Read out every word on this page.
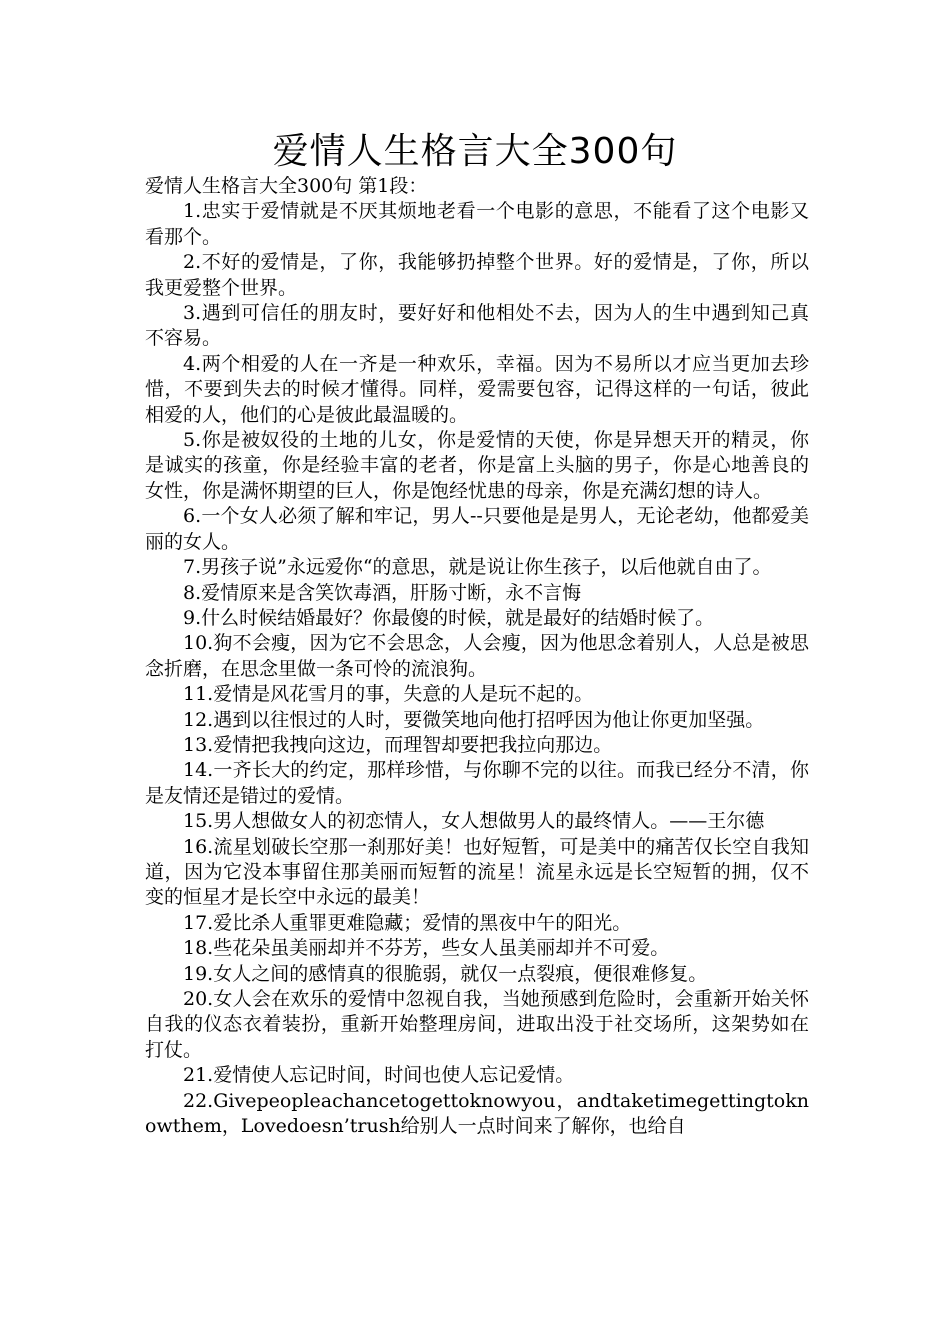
爱情人生格言大全300句

爱情人生格言大全300句 第1段：

1.忠实于爱情就是不厌其烦地老看一个电影的意思，不能看了这个电影又看那个。

2.不好的爱情是，了你，我能够扔掉整个世界。好的爱情是，了你，所以我更爱整个世界。

3.遇到可信任的朋友时，要好好和他相处不去，因为人的生中遇到知己真不容易。

4.两个相爱的人在一齐是一种欢乐，幸福。因为不易所以才应当更加去珍惜，不要到失去的时候才懂得。同样，爱需要包容，记得这样的一句话，彼此相爱的人，他们的心是彼此最温暖的。

5.你是被奴役的土地的儿女，你是爱情的天使，你是异想天开的精灵，你是诚实的孩童，你是经验丰富的老者，你是富上头脑的男子，你是心地善良的女性，你是满怀期望的巨人，你是饱经忧患的母亲，你是充满幻想的诗人。

6.一个女人必须了解和牢记，男人--只要他是是男人，无论老幼，他都爱美丽的女人。

7.男孩子说”永远爱你“的意思，就是说让你生孩子，以后他就自由了。

8.爱情原来是含笑饮毒酒，肝肠寸断，永不言悔

9.什么时候结婚最好？你最傻的时候，就是最好的结婚时候了。

10.狗不会瘦，因为它不会思念，人会瘦，因为他思念着别人，人总是被思念折磨，在思念里做一条可怜的流浪狗。

11.爱情是风花雪月的事，失意的人是玩不起的。

12.遇到以往恨过的人时，要微笑地向他打招呼因为他让你更加坚强。

13.爱情把我拽向这边，而理智却要把我拉向那边。

14.一齐长大的约定，那样珍惜，与你聊不完的以往。而我已经分不清，你是友情还是错过的爱情。

15.男人想做女人的初恋情人，女人想做男人的最终情人。——王尔德

16.流星划破长空那一刹那好美！也好短暂，可是美中的痛苦仅长空自我知道，因为它没本事留住那美丽而短暂的流星！流星永远是长空短暂的拥，仅不变的恒星才是长空中永远的最美！

17.爱比杀人重罪更难隐藏；爱情的黑夜中午的阳光。

18.些花朵虽美丽却并不芬芳，些女人虽美丽却并不可爱。

19.女人之间的感情真的很脆弱，就仅一点裂痕，便很难修复。

20.女人会在欢乐的爱情中忽视自我，当她预感到危险时，会重新开始关怀自我的仪态衣着装扮，重新开始整理房间，进取出没于社交场所，这架势如在打仗。

21.爱情使人忘记时间，时间也使人忘记爱情。

22.Givepeopleachancetogettoknowyou，andtaketimegettingtoknowthem，Lovedoesn’trush给别人一点时间来了解你，也给自
